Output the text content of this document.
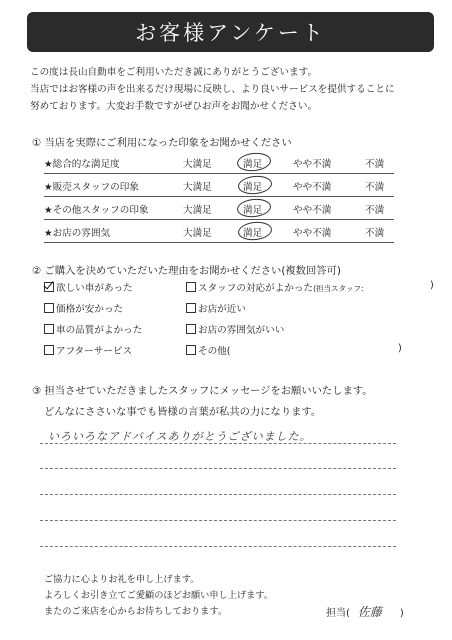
お客様アンケート
この度は長山自動車をご利用いただき誠にありがとうございます。
当店ではお客様の声を出来るだけ現場に反映し、より良いサービスを提供することに
努めております。大変お手数ですがぜひお声をお聞かせください。
① 当店を実際にご利用になった印象をお聞かせください
★総合的な満足度	大満足	満足	やや不満	不満
★販売スタッフの印象	大満足	満足	やや不満	不満
★その他スタッフの印象	大満足	満足	やや不満	不満
★お店の雰囲気	大満足	満足	やや不満	不満
② ご購入を決めていただいた理由をお聞かせください(複数回答可)
欲しい車があった	スタッフの対応がよかった(担当スタッフ:	)
価格が安かった	お店が近い
車の品質がよかった	お店の雰囲気がいい
アフターサービス	その他(	)
③ 担当させていただきましたスタッフにメッセージをお願いいたします。
どんなにささいな事でも皆様の言葉が私共の力になります。
いろいろなアドバイスありがとうございました。
ご協力に心よりお礼を申し上げます。
よろしくお引き立てご愛顧のほどお願い申し上げます。
またのご来店を心からお待ちしております。	担当( 佐藤 )
